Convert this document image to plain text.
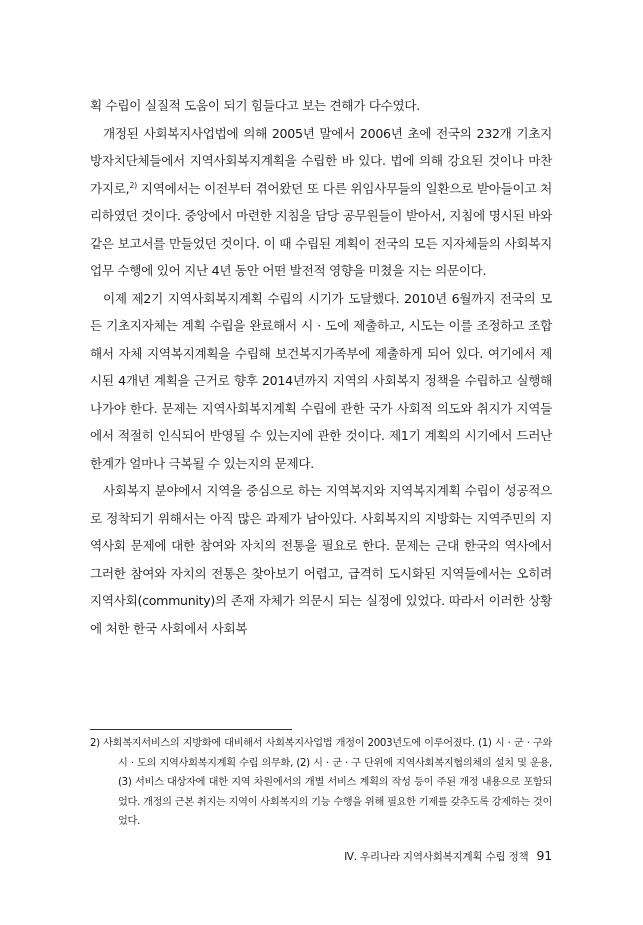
획 수립이 실질적 도움이 되기 힘들다고 보는 견해가 다수였다.

개정된 사회복지사업법에 의해 2005년 말에서 2006년 초에 전국의 232개 기초지방자치단체들에서 지역사회복지계획을 수립한 바 있다. 법에 의해 강요된 것이나 마찬가지로,$^{2)}$ 지역에서는 이전부터 겪어왔던 또 다른 위임사무들의 일환으로 받아들이고 처리하였던 것이다. 중앙에서 마련한 지침을 담당 공무원들이 받아서, 지침에 명시된 바와 같은 보고서를 만들었던 것이다. 이 때 수립된 계획이 전국의 모든 지자체들의 사회복지 업무 수행에 있어 지난 4년 동안 어떤 발전적 영향을 미쳤을 지는 의문이다.

이제 제2기 지역사회복지계획 수립의 시기가 도달했다. 2010년 6월까지 전국의 모든 기초지자체는 계획 수립을 완료해서 시 · 도에 제출하고, 시도는 이를 조정하고 조합해서 자체 지역복지계획을 수립해 보건복지가족부에 제출하게 되어 있다. 여기에서 제시된 4개년 계획을 근거로 향후 2014년까지 지역의 사회복지 정책을 수립하고 실행해 나가야 한다. 문제는 지역사회복지계획 수립에 관한 국가 사회적 의도와 취지가 지역들에서 적절히 인식되어 반영될 수 있는지에 관한 것이다. 제1기 계획의 시기에서 드러난 한계가 얼마나 극복될 수 있는지의 문제다.

사회복지 분야에서 지역을 중심으로 하는 지역복지와 지역복지계획 수립이 성공적으로 정착되기 위해서는 아직 많은 과제가 남아있다. 사회복지의 지방화는 지역주민의 지역사회 문제에 대한 참여와 자치의 전통을 필요로 한다. 문제는 근대 한국의 역사에서 그러한 참여와 자치의 전통은 찾아보기 어렵고, 급격히 도시화된 지역들에서는 오히려 지역사회(community)의 존재 자체가 의문시 되는 실정에 있었다. 따라서 이러한 상황에 처한 한국 사회에서 사회복

2) 사회복지서비스의 지방화에 대비해서 사회복지사업법 개정이 2003년도에 이루어졌다. (1) 시 · 군 · 구와 시 · 도의 지역사회복지계획 수립 의무화, (2) 시 · 군 · 구 단위에 지역사회복지협의체의 설치 및 운용, (3) 서비스 대상자에 대한 지역 차원에서의 개별 서비스 계획의 작성 등이 주된 개정 내용으로 포함되었다. 개정의 근본 취지는 지역이 사회복지의 기능 수행을 위해 필요한 기제를 갖추도록 강제하는 것이었다.
Ⅳ. 우리나라 지역사회복지계획 수립 정책 91
